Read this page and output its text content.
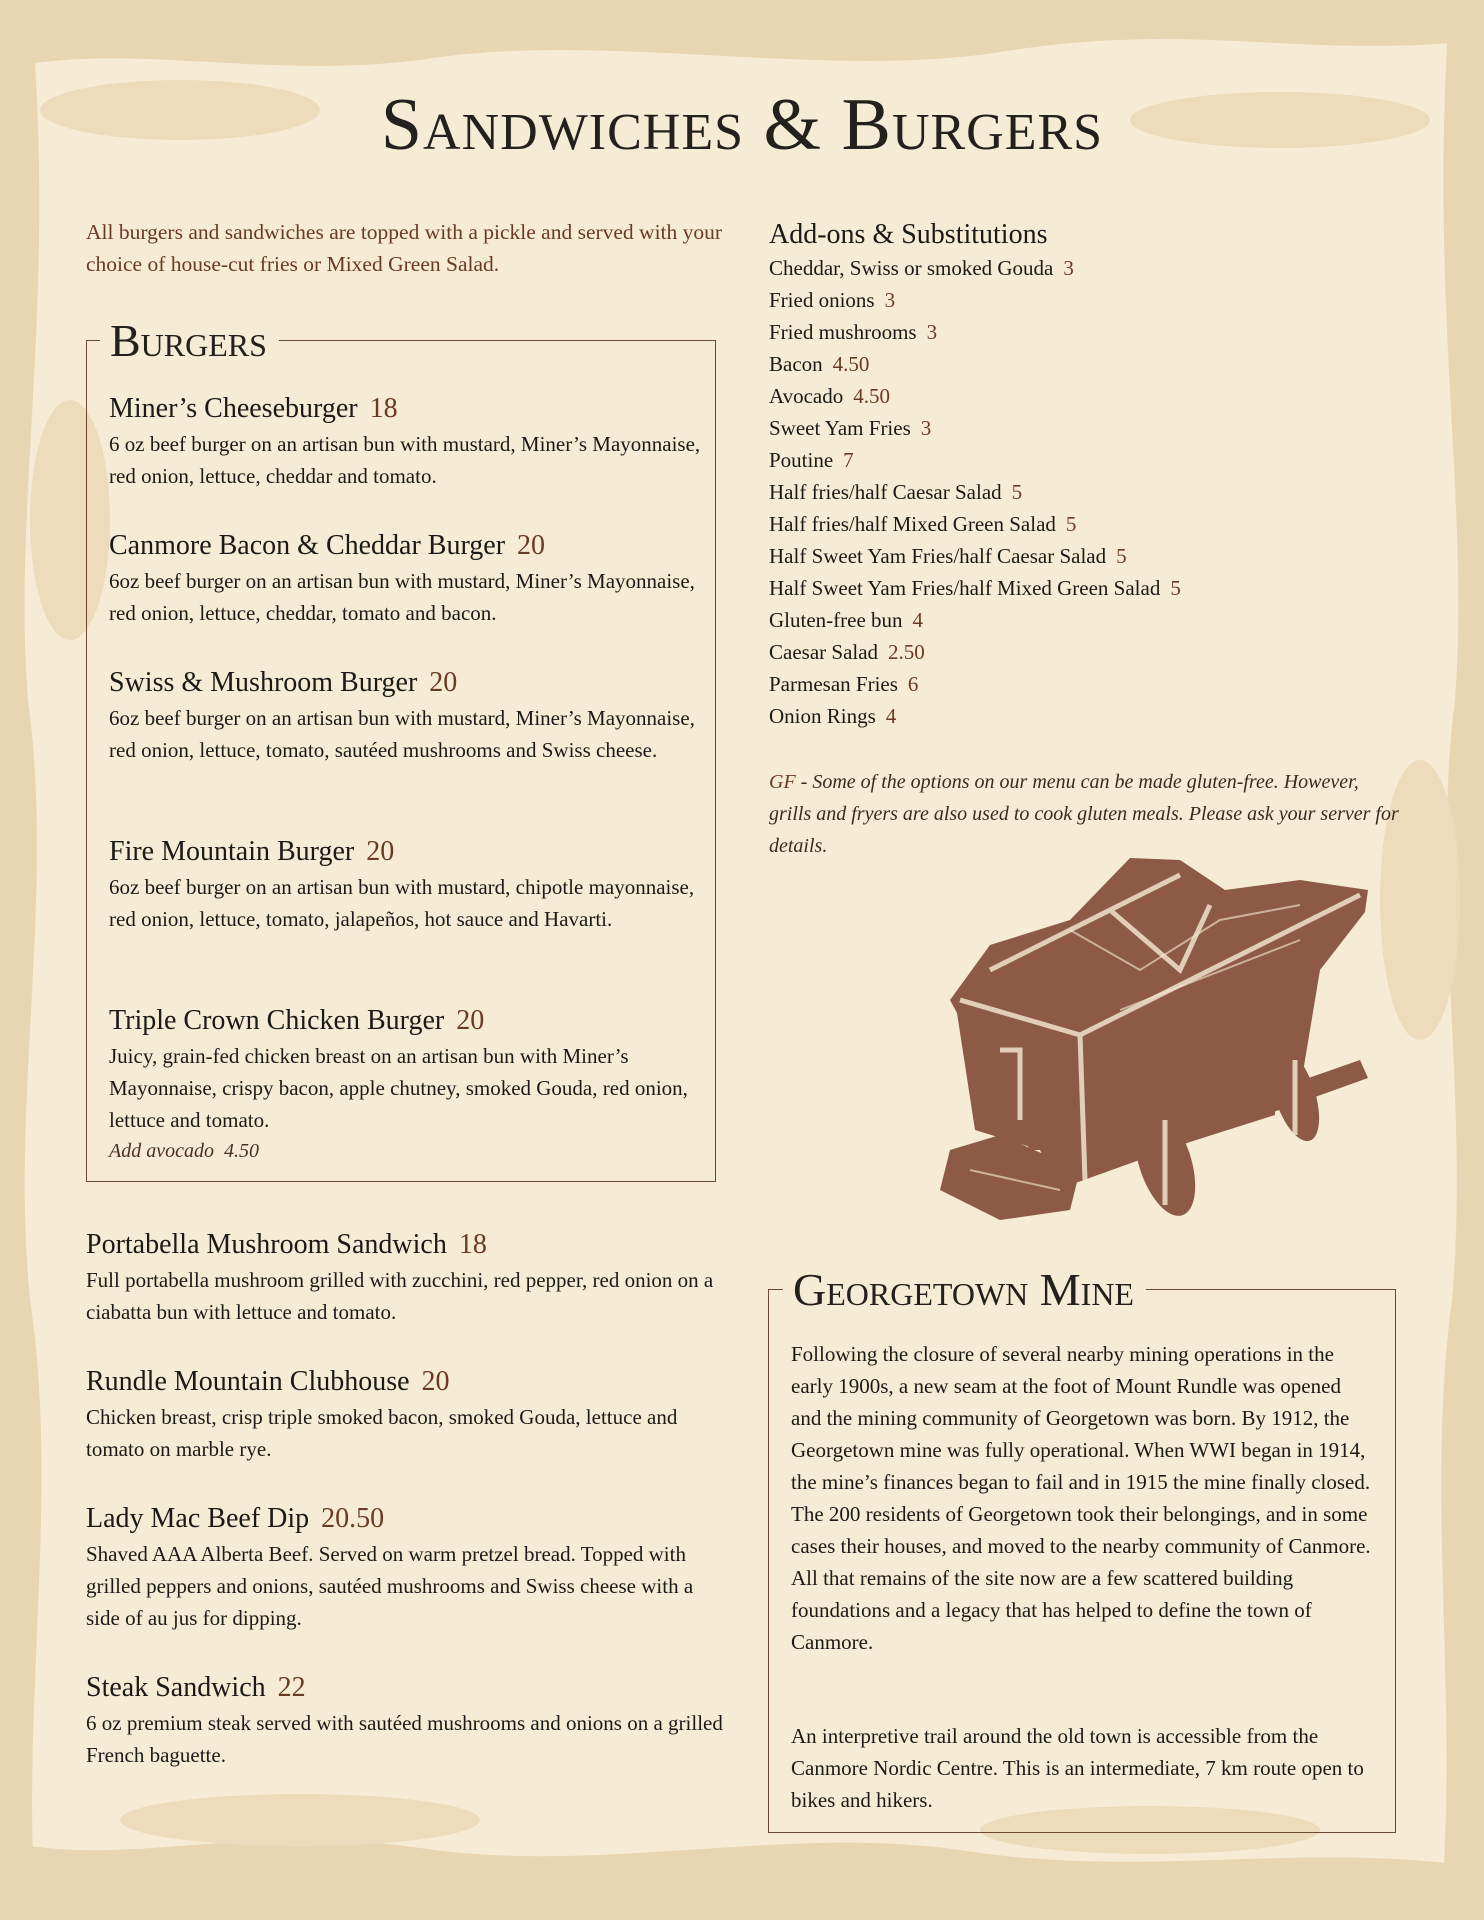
Sandwiches & Burgers
All burgers and sandwiches are topped with a pickle and served with your choice of house-cut fries or Mixed Green Salad.
Burgers
Miner’s Cheeseburger 18
6 oz beef burger on an artisan bun with mustard, Miner’s Mayonnaise, red onion, lettuce, cheddar and tomato.
Canmore Bacon & Cheddar Burger 20
6oz beef burger on an artisan bun with mustard, Miner’s Mayonnaise, red onion, lettuce, cheddar, tomato and bacon.
Swiss & Mushroom Burger 20
6oz beef burger on an artisan bun with mustard, Miner’s Mayonnaise, red onion, lettuce, tomato, sautéed mushrooms and Swiss cheese.
Fire Mountain Burger 20
6oz beef burger on an artisan bun with mustard, chipotle mayonnaise, red onion, lettuce, tomato, jalapeños, hot sauce and Havarti.
Triple Crown Chicken Burger 20
Juicy, grain-fed chicken breast on an artisan bun with Miner’s Mayonnaise, crispy bacon, apple chutney, smoked Gouda, red onion, lettuce and tomato.
Add avocado 4.50
Portabella Mushroom Sandwich 18
Full portabella mushroom grilled with zucchini, red pepper, red onion on a ciabatta bun with lettuce and tomato.
Rundle Mountain Clubhouse 20
Chicken breast, crisp triple smoked bacon, smoked Gouda, lettuce and tomato on marble rye.
Lady Mac Beef Dip 20.50
Shaved AAA Alberta Beef. Served on warm pretzel bread. Topped with grilled peppers and onions, sautéed mushrooms and Swiss cheese with a side of au jus for dipping.
Steak Sandwich 22
6 oz premium steak served with sautéed mushrooms and onions on a grilled French baguette.
Add-ons & Substitutions
Cheddar, Swiss or smoked Gouda 3
Fried onions 3
Fried mushrooms 3
Bacon 4.50
Avocado 4.50
Sweet Yam Fries 3
Poutine 7
Half fries/half Caesar Salad 5
Half fries/half Mixed Green Salad 5
Half Sweet Yam Fries/half Caesar Salad 5
Half Sweet Yam Fries/half Mixed Green Salad 5
Gluten-free bun 4
Caesar Salad 2.50
Parmesan Fries 6
Onion Rings 4
GF - Some of the options on our menu can be made gluten-free. However, grills and fryers are also used to cook gluten meals. Please ask your server for details.
Georgetown Mine
Following the closure of several nearby mining operations in the early 1900s, a new seam at the foot of Mount Rundle was opened and the mining community of Georgetown was born. By 1912, the Georgetown mine was fully operational. When WWI began in 1914, the mine’s finances began to fail and in 1915 the mine finally closed. The 200 residents of Georgetown took their belongings, and in some cases their houses, and moved to the nearby community of Canmore. All that remains of the site now are a few scattered building foundations and a legacy that has helped to define the town of Canmore.
An interpretive trail around the old town is accessible from the Canmore Nordic Centre. This is an intermediate, 7 km route open to bikes and hikers.
